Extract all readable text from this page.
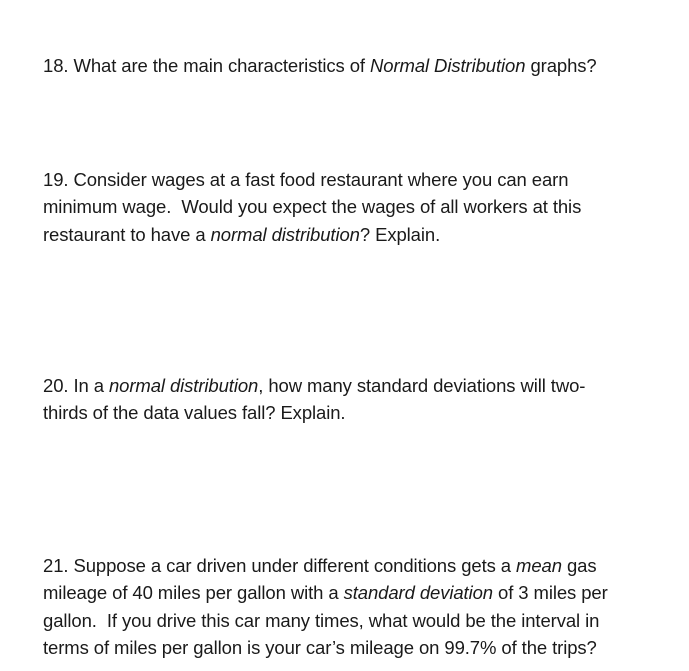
18. What are the main characteristics of Normal Distribution graphs?
19. Consider wages at a fast food restaurant where you can earn
minimum wage.  Would you expect the wages of all workers at this
restaurant to have a normal distribution? Explain.
20. In a normal distribution, how many standard deviations will two-
thirds of the data values fall? Explain.
21. Suppose a car driven under different conditions gets a mean gas
mileage of 40 miles per gallon with a standard deviation of 3 miles per
gallon.  If you drive this car many times, what would be the interval in
terms of miles per gallon is your car’s mileage on 99.7% of the trips?
